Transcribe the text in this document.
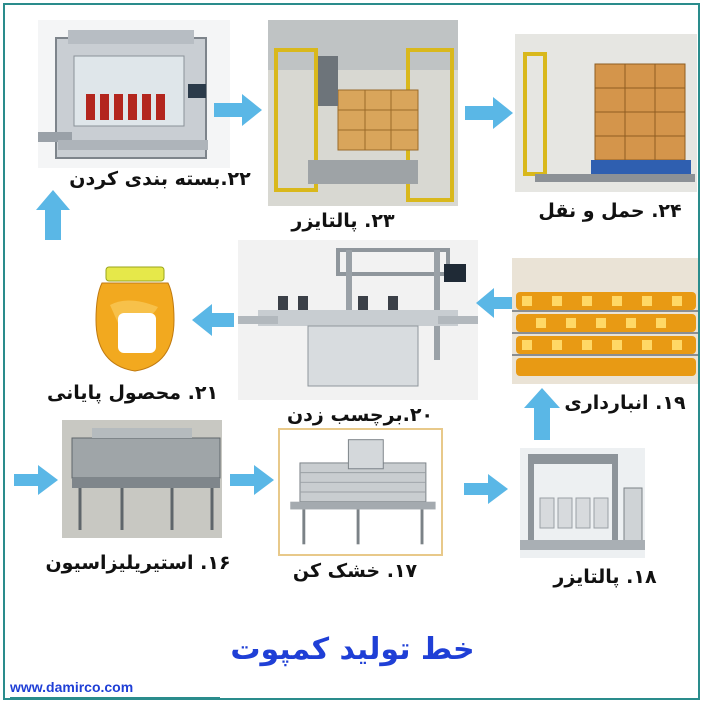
۲۲.بسته بندی کردن
۲۳. پالتایزر	۲۴. حمل و نقل
۲۱. محصول پایانی
۲۰.برچسب زدن
۱۹. انبارداری
۱۶. استیریلیزاسیون	۱۷. خشک کن	۱۸. پالتایزر
خط تولید کمپوت
www.damirco.com
